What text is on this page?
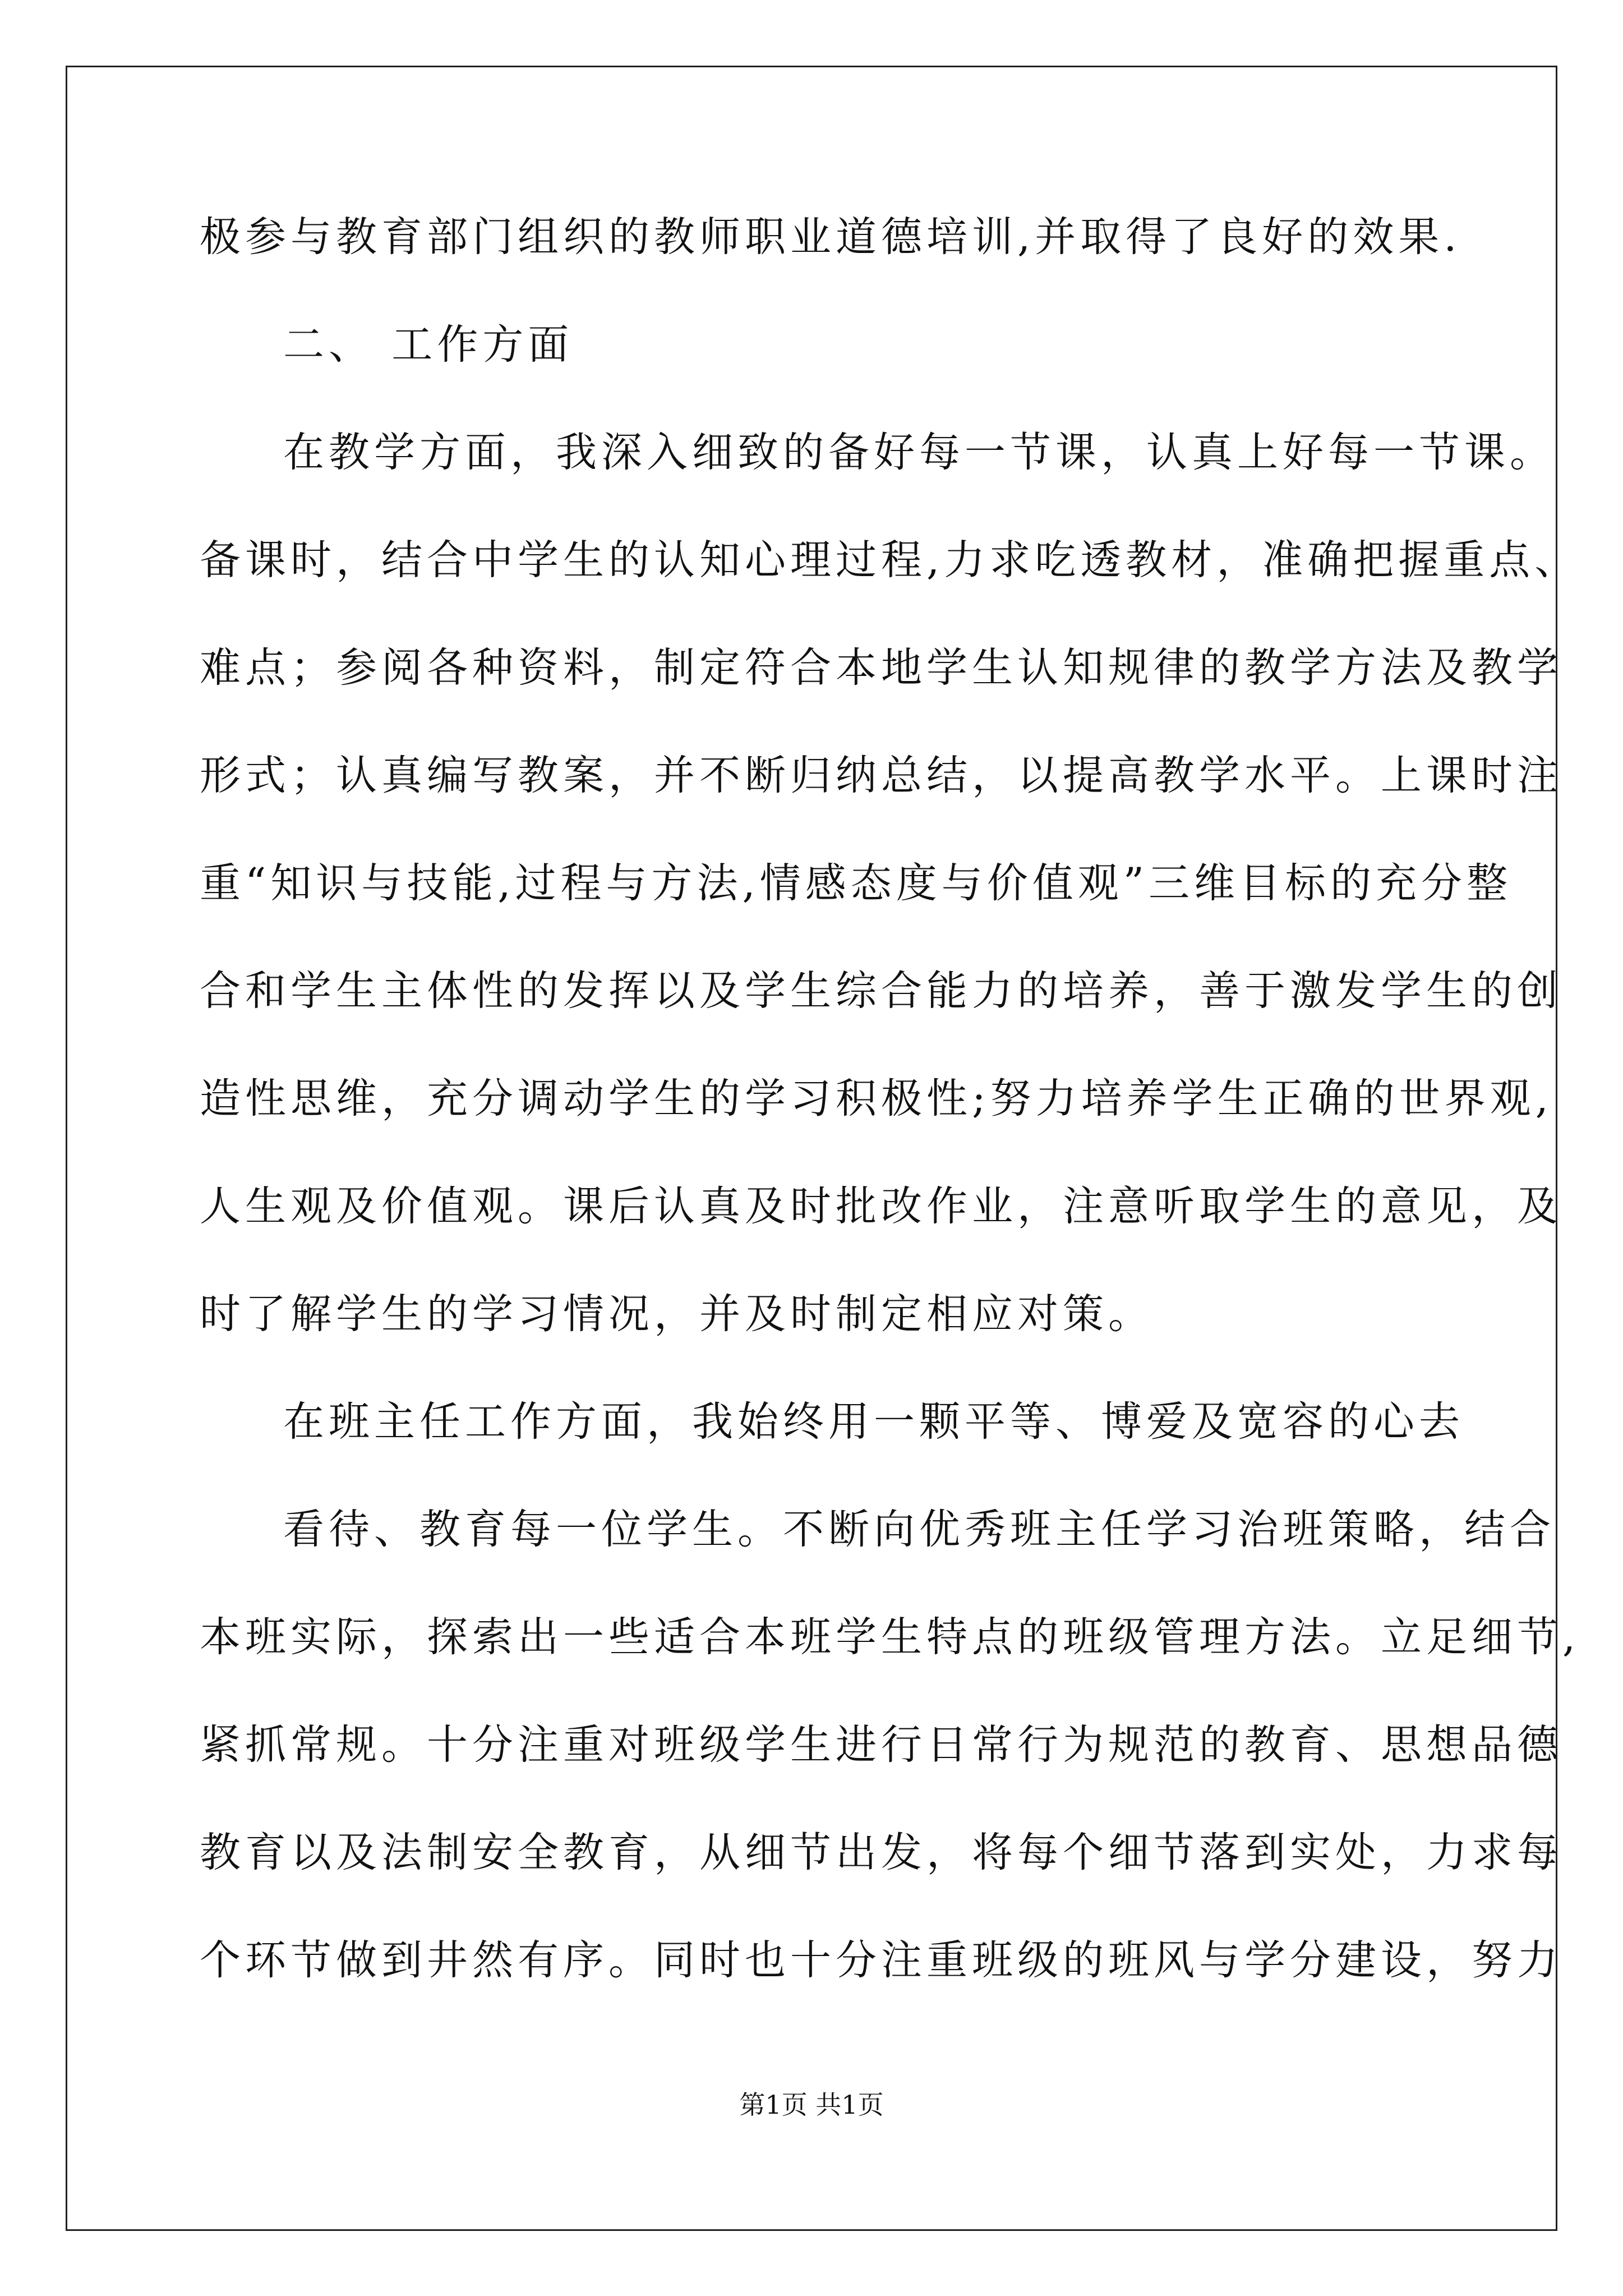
极参与教育部门组织的教师职业道德培训,并取得了良好的效果.
二、 工作方面
在教学方面，我深入细致的备好每一节课，认真上好每一节课。
备课时，结合中学生的认知心理过程,力求吃透教材，准确把握重点、
难点；参阅各种资料，制定符合本地学生认知规律的教学方法及教学
形式；认真编写教案，并不断归纳总结，以提高教学水平。上课时注
重“知识与技能,过程与方法,情感态度与价值观”三维目标的充分整
合和学生主体性的发挥以及学生综合能力的培养，善于激发学生的创
造性思维，充分调动学生的学习积极性;努力培养学生正确的世界观,
人生观及价值观。课后认真及时批改作业，注意听取学生的意见，及
时了解学生的学习情况，并及时制定相应对策。
在班主任工作方面，我始终用一颗平等、博爱及宽容的心去
看待、教育每一位学生。不断向优秀班主任学习治班策略，结合
本班实际，探索出一些适合本班学生特点的班级管理方法。立足细节,
紧抓常规。十分注重对班级学生进行日常行为规范的教育、思想品德
教育以及法制安全教育，从细节出发，将每个细节落到实处，力求每
个环节做到井然有序。同时也十分注重班级的班风与学分建设，努力
第1页 共1页
